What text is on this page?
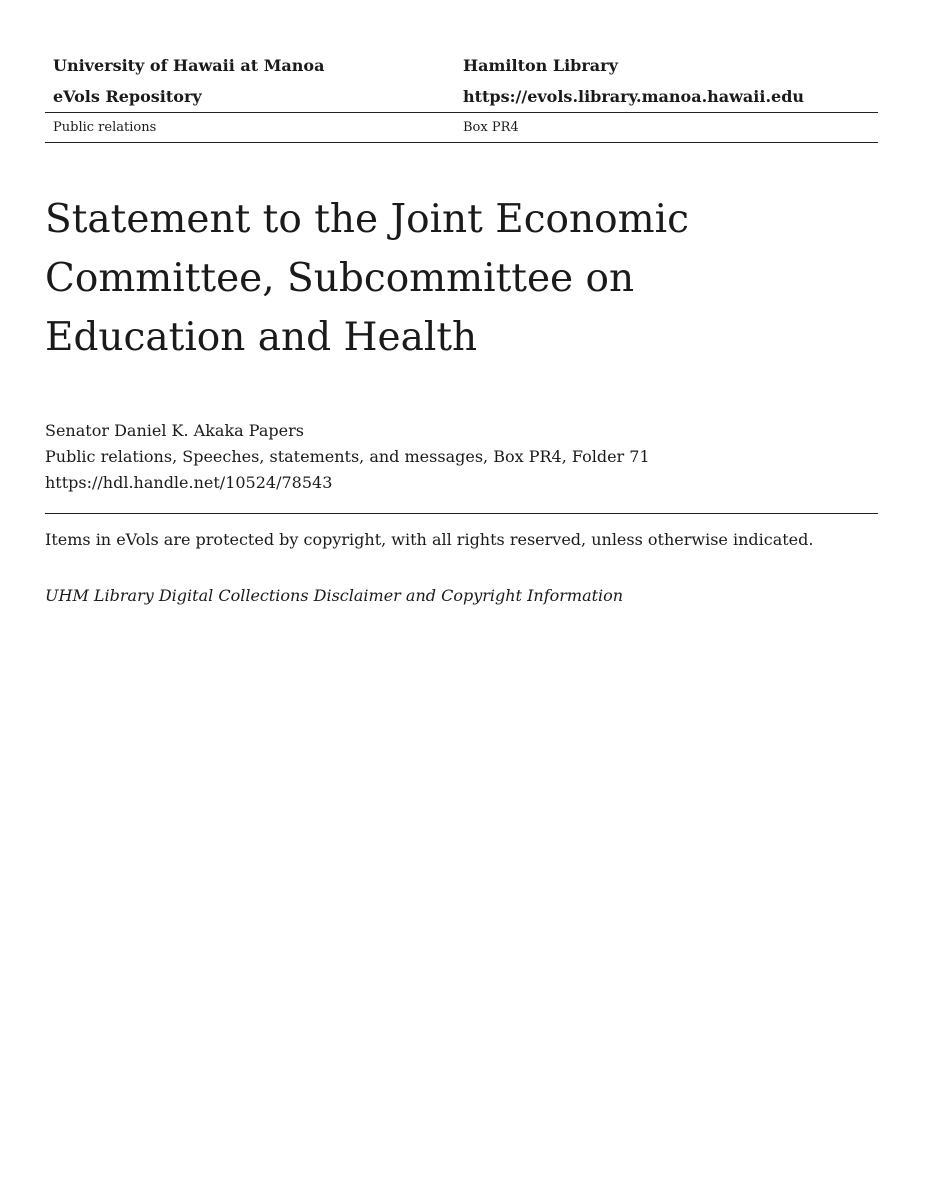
University of Hawaii at Manoa	Hamilton Library
eVols Repository	https://evols.library.manoa.hawaii.edu
Public relations	Box PR4
Statement to the Joint Economic
Committee, Subcommittee on
Education and Health
Senator Daniel K. Akaka Papers
Public relations, Speeches, statements, and messages, Box PR4, Folder 71
https://hdl.handle.net/10524/78543
Items in eVols are protected by copyright, with all rights reserved, unless otherwise indicated.
UHM Library Digital Collections Disclaimer and Copyright Information
